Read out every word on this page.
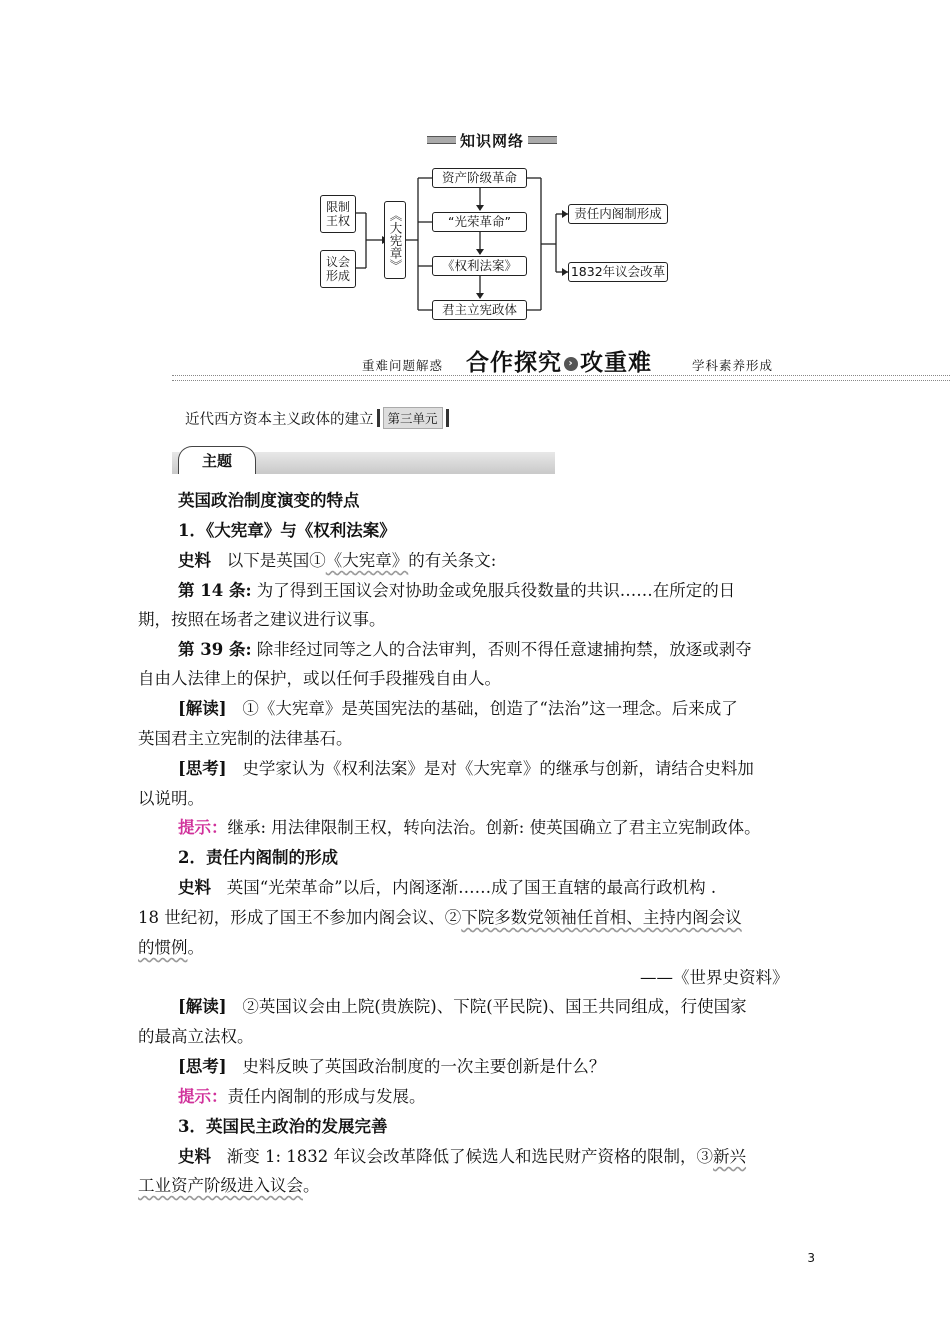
知识网络
限制王权
议会形成
《大宪章》
资产阶级革命
“光荣革命”
《权利法案》
君主立宪政体
责任内阁制形成
1832年议会改革
重难问题解惑 合作探究 › 攻重难	学科素养形成
近代西方资本主义政体的建立	第三单元
主题
英国政治制度演变的特点
1．《大宪章》与《权利法案》
史料 以下是英国①《大宪章》的有关条文:
第 14 条: 为了得到王国议会对协助金或免服兵役数量的共识……在所定的日
期，按照在场者之建议进行议事。
第 39 条: 除非经过同等之人的合法审判，否则不得任意逮捕拘禁，放逐或剥夺
自由人法律上的保护，或以任何手段摧残自由人。
[解读] ①《大宪章》是英国宪法的基础，创造了“法治”这一理念。后来成了
英国君主立宪制的法律基石。
[思考] 史学家认为《权利法案》是对《大宪章》的继承与创新，请结合史料加
以说明。
提示：继承: 用法律限制王权，转向法治。创新: 使英国确立了君主立宪制政体。
2．责任内阁制的形成
史料 英国“光荣革命”以后，内阁逐渐……成了国王直辖的最高行政机构 .
18 世纪初，形成了国王不参加内阁会议、②下院多数党领袖任首相、主持内阁会议
的惯例。
——《世界史资料》
[解读] ②英国议会由上院(贵族院)、下院(平民院)、国王共同组成，行使国家
的最高立法权。
[思考] 史料反映了英国政治制度的一次主要创新是什么？
提示：责任内阁制的形成与发展。
3．英国民主政治的发展完善
史料 渐变 1: 1832 年议会改革降低了候选人和选民财产资格的限制，③新兴
工业资产阶级进入议会。
3
